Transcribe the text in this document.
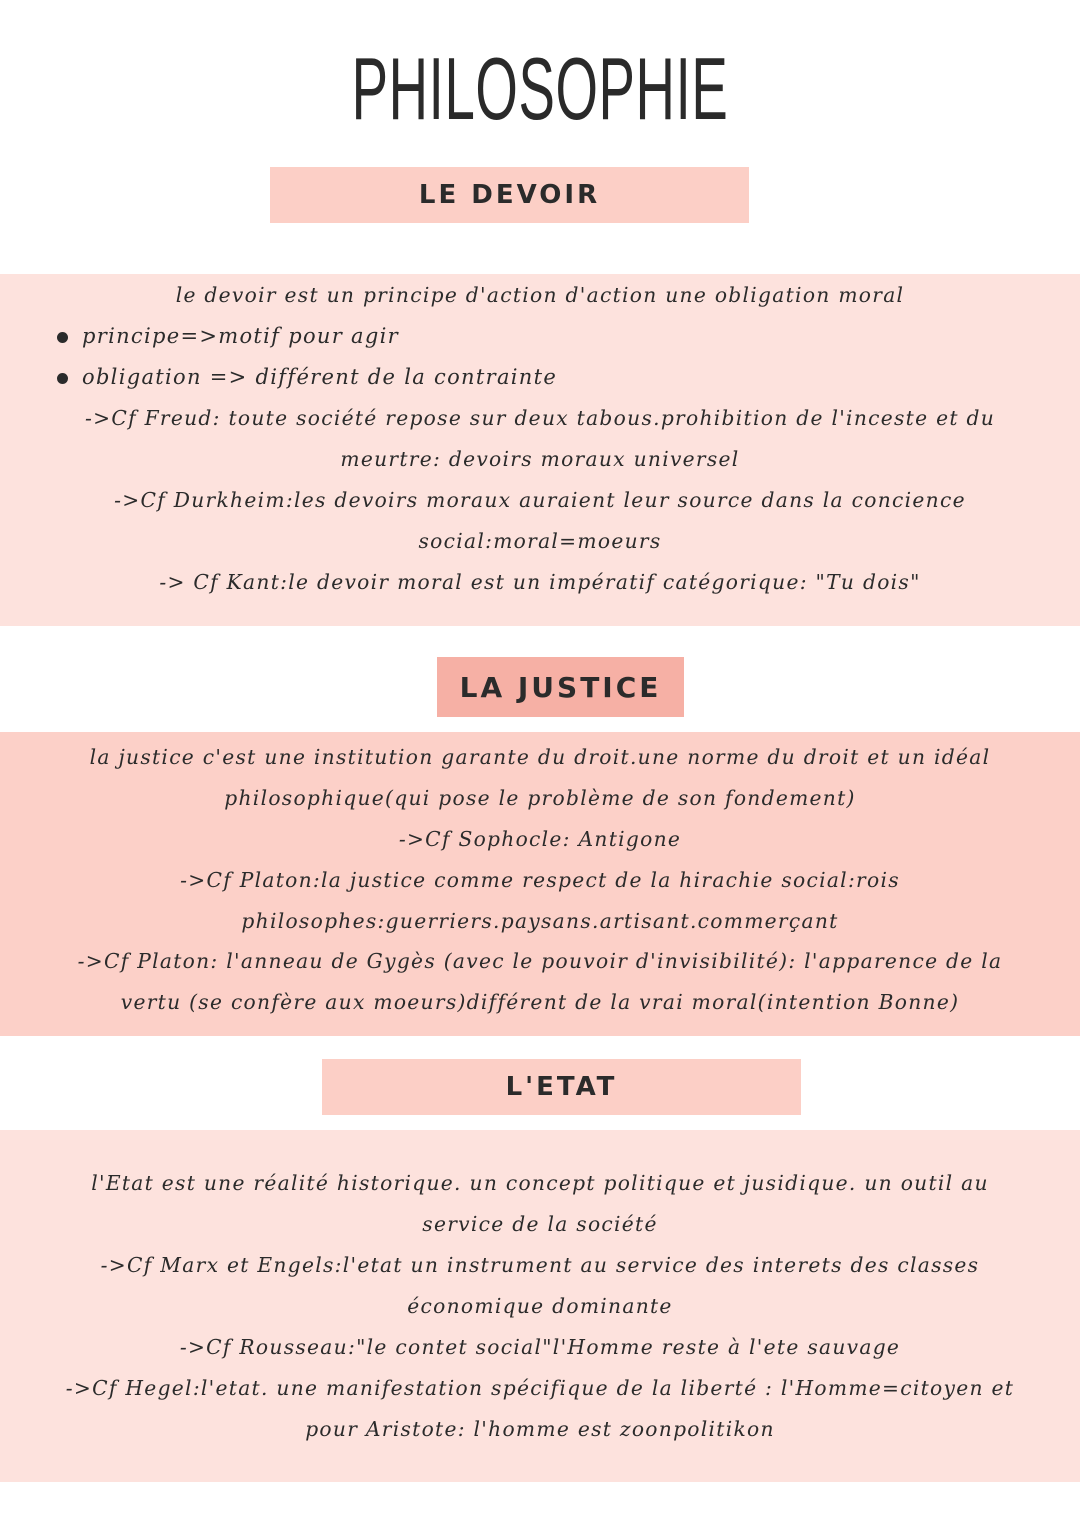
PHILOSOPHIE
LE DEVOIR
le devoir est un principe d'action d'action une obligation moral
principe=>motif pour agir
obligation => différent de la contrainte
->Cf Freud: toute société repose sur deux tabous.prohibition de l'inceste et du
meurtre: devoirs moraux universel
->Cf Durkheim:les devoirs moraux auraient leur source dans la concience
social:moral=moeurs
-> Cf Kant:le devoir moral est un impératif catégorique: "Tu dois"
LA JUSTICE
la justice c'est une institution garante du droit.une norme du droit et un idéal
philosophique(qui pose le problème de son fondement)
->Cf Sophocle: Antigone
->Cf Platon:la justice comme respect de la hirachie social:rois
philosophes:guerriers.paysans.artisant.commerçant
->Cf Platon: l'anneau de Gygès (avec le pouvoir d'invisibilité): l'apparence de la
vertu (se confère aux moeurs)différent de la vrai moral(intention Bonne)
L'ETAT
l'Etat est une réalité historique. un concept politique et jusidique. un outil au
service de la société
->Cf Marx et Engels:l'etat un instrument au service des interets des classes
économique dominante
->Cf Rousseau:"le contet social"l'Homme reste à l'ete sauvage
->Cf Hegel:l'etat. une manifestation spécifique de la liberté : l'Homme=citoyen et
pour Aristote: l'homme est zoonpolitikon
